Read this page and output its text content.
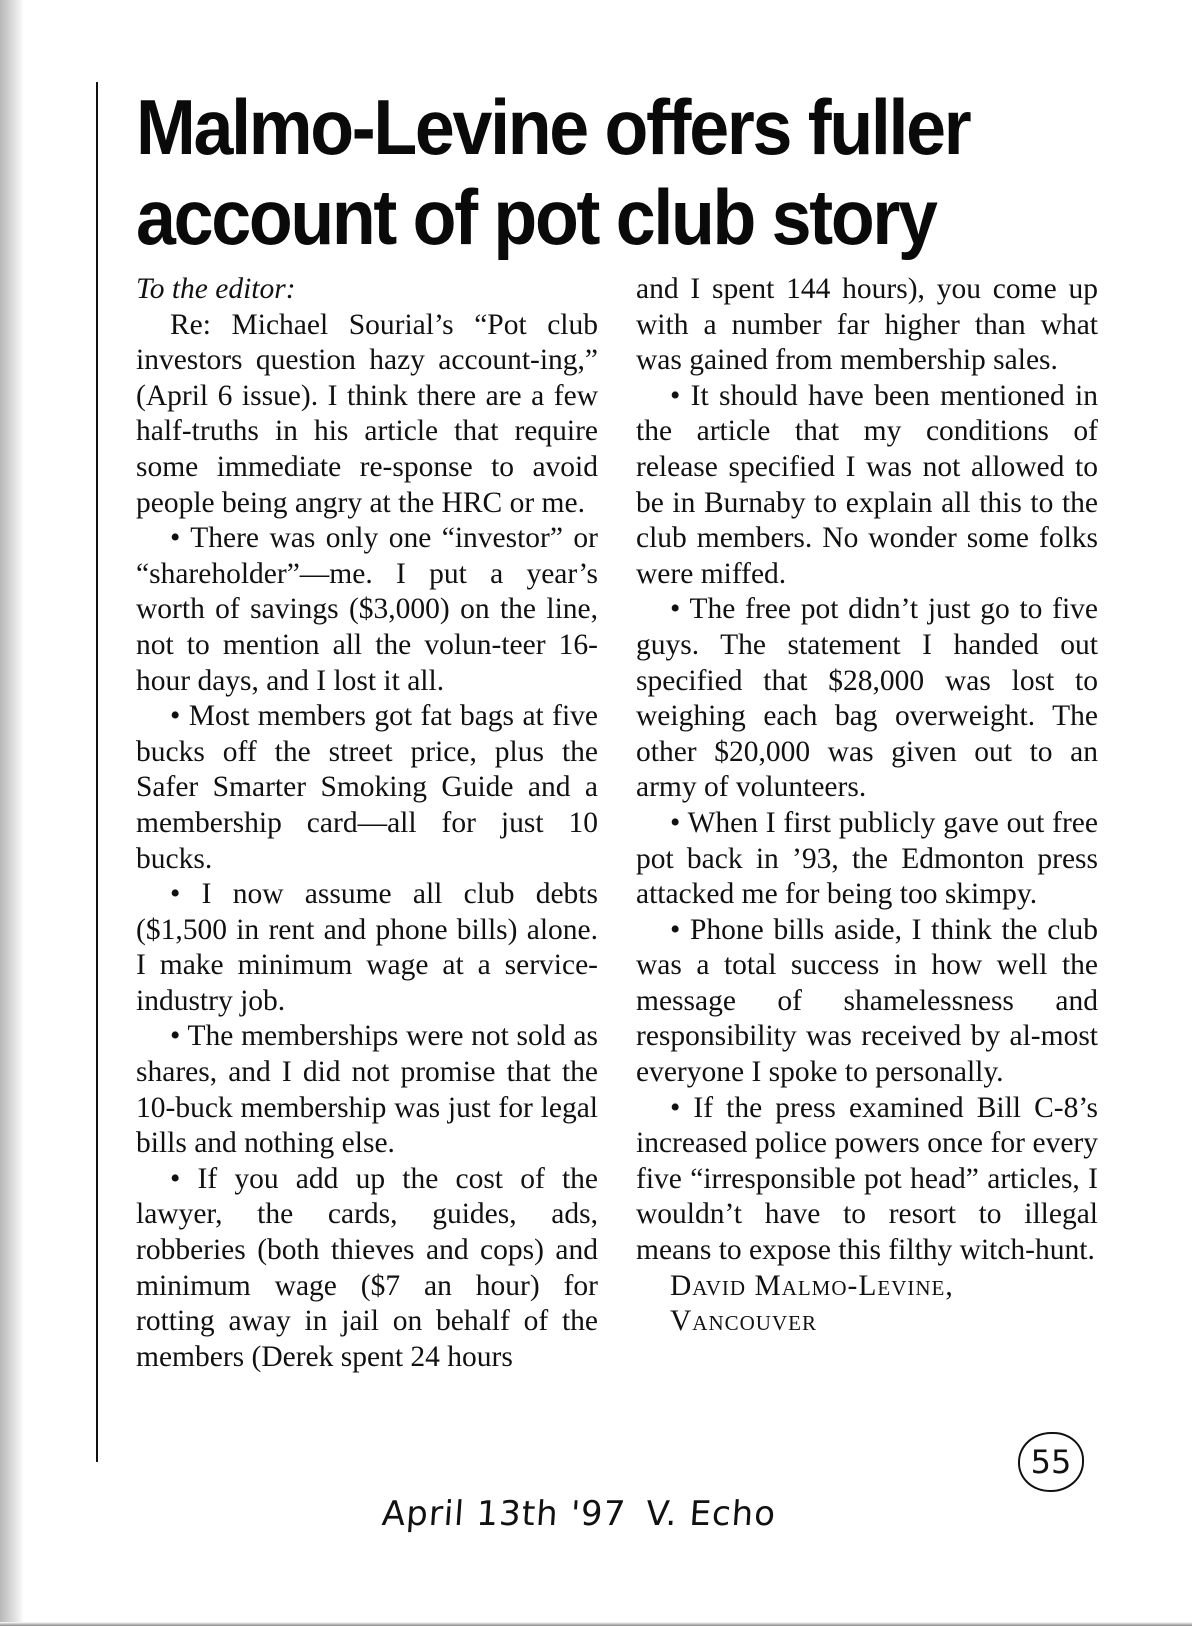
Malmo-Levine offers fuller account of pot club story

To the editor:

Re: Michael Sourial’s “Pot club investors question hazy account-ing,” (April 6 issue). I think there are a few half-truths in his article that require some immediate re-sponse to avoid people being angry at the HRC or me.

• There was only one “investor” or “shareholder”—me. I put a year’s worth of savings ($3,000) on the line, not to mention all the volun-teer 16-hour days, and I lost it all.

• Most members got fat bags at five bucks off the street price, plus the Safer Smarter Smoking Guide and a membership card—all for just 10 bucks.

• I now assume all club debts ($1,500 in rent and phone bills) alone. I make minimum wage at a service-industry job.

• The memberships were not sold as shares, and I did not promise that the 10-buck membership was just for legal bills and nothing else.

• If you add up the cost of the lawyer, the cards, guides, ads, robberies (both thieves and cops) and minimum wage ($7 an hour) for rotting away in jail on behalf of the members (Derek spent 24 hours

and I spent 144 hours), you come up with a number far higher than what was gained from membership sales.

• It should have been mentioned in the article that my conditions of release specified I was not allowed to be in Burnaby to explain all this to the club members. No wonder some folks were miffed.

• The free pot didn’t just go to five guys. The statement I handed out specified that $28,000 was lost to weighing each bag overweight. The other $20,000 was given out to an army of volunteers.

• When I first publicly gave out free pot back in ’93, the Edmonton press attacked me for being too skimpy.

• Phone bills aside, I think the club was a total success in how well the message of shamelessness and responsibility was received by al-most everyone I spoke to personally.

• If the press examined Bill C-8’s increased police powers once for every five “irresponsible pot head” articles, I wouldn’t have to resort to illegal means to expose this filthy witch-hunt.

David Malmo-Levine,

Vancouver

April 13th '97 V. Echo
55
